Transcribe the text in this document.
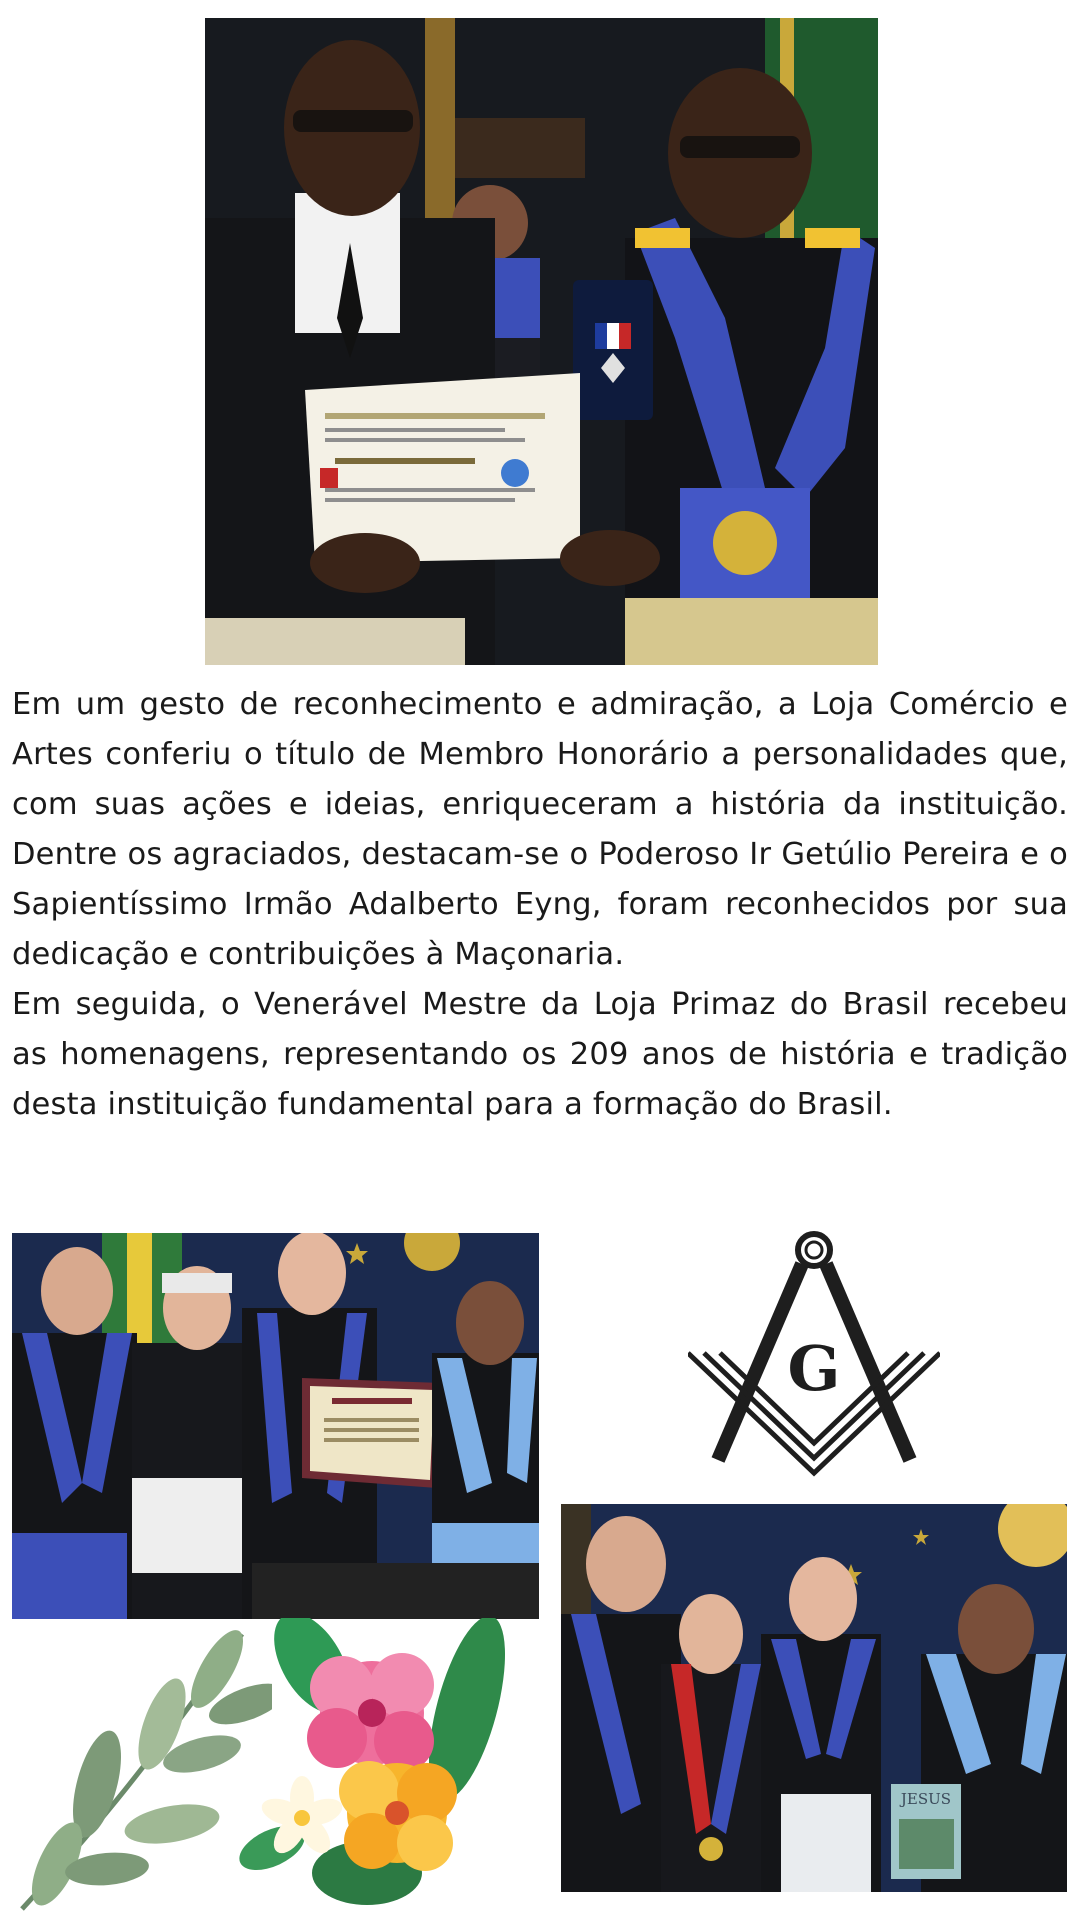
Em um gesto de reconhecimento e admiração, a Loja Comércio e Artes conferiu o título de Membro Honorário a personalidades que, com suas ações e ideias, enriqueceram a história da instituição. Dentre os agraciados, destacam-se o Poderoso Ir Getúlio Pereira e o Sapientíssimo Irmão Adalberto Eyng, foram reconhecidos por sua dedicação e contribuições à Maçonaria.

Em seguida, o Venerável Mestre da Loja Primaz do Brasil recebeu as homenagens, representando os 209 anos de história e tradição desta instituição fundamental para a formação do Brasil.

G
JESUS
